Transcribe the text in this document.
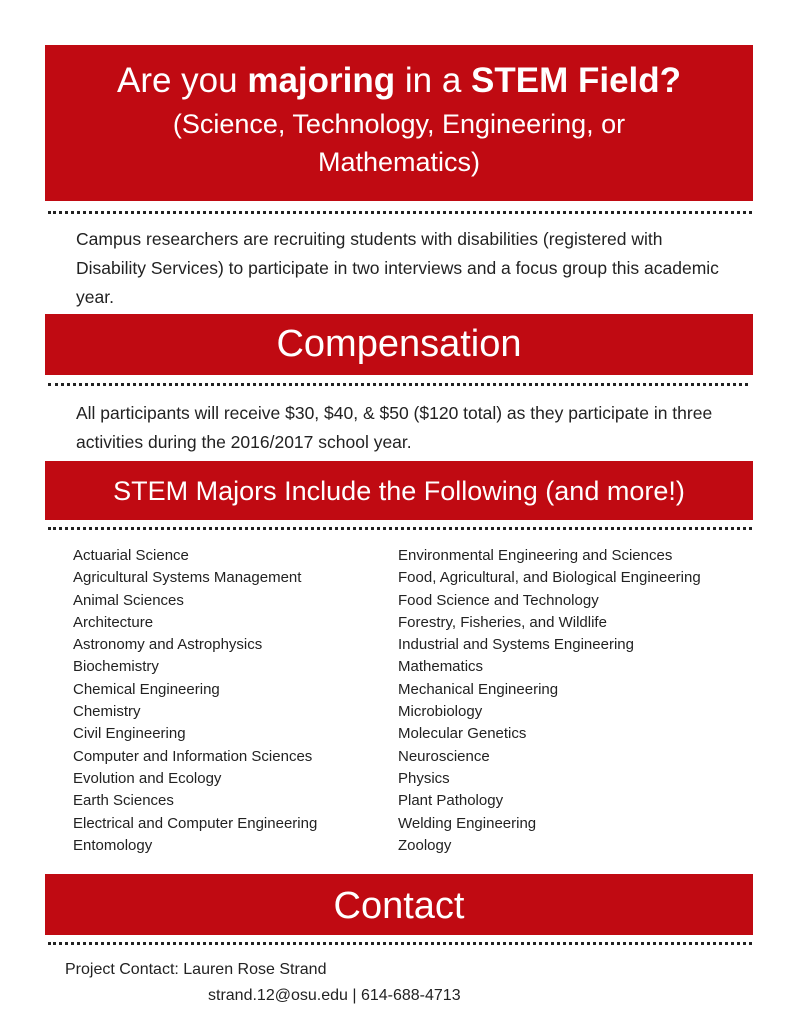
Are you majoring in a STEM Field?

(Science, Technology, Engineering, or Mathematics)

Campus researchers are recruiting students with disabilities (registered with Disability Services) to participate in two interviews and a focus group this academic year.

Compensation

All participants will receive $30, $40, & $50 ($120 total) as they participate in three activities during the 2016/2017 school year.

STEM Majors Include the Following (and more!)
Actuarial Science
Agricultural Systems Management
Animal Sciences
Architecture
Astronomy and Astrophysics
Biochemistry
Chemical Engineering
Chemistry
Civil Engineering
Computer and Information Sciences
Evolution and Ecology
Earth Sciences
Electrical and Computer Engineering
Entomology
Environmental Engineering and Sciences
Food, Agricultural, and Biological Engineering
Food Science and Technology
Forestry, Fisheries, and Wildlife
Industrial and Systems Engineering
Mathematics
Mechanical Engineering
Microbiology
Molecular Genetics
Neuroscience
Physics
Plant Pathology
Welding Engineering
Zoology
Contact
Project Contact: Lauren Rose Strand
strand.12@osu.edu | 614-688-4713
